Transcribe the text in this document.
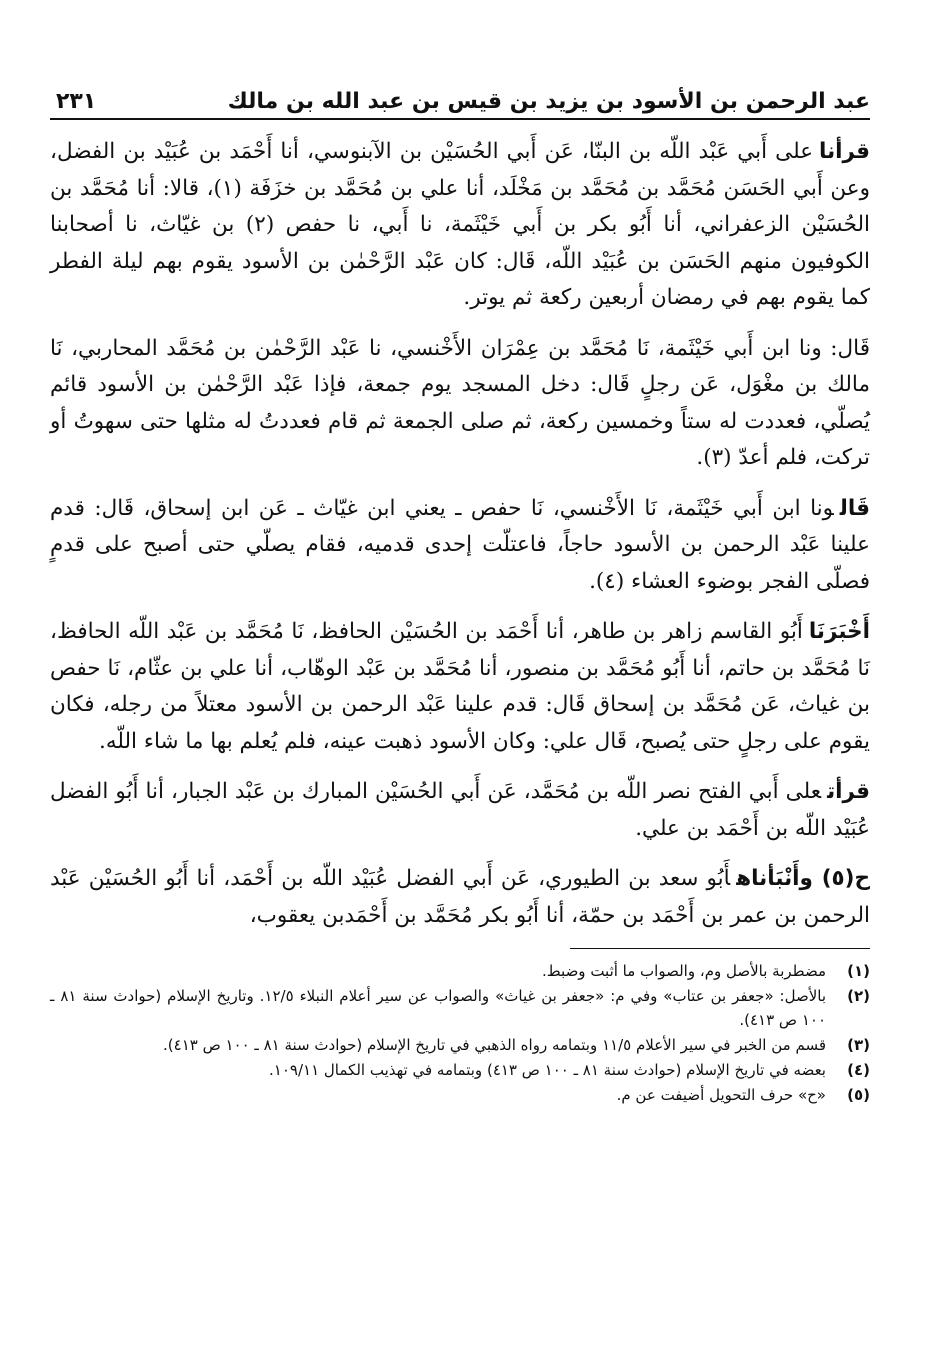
عبد الرحمن بن الأسود بن يزيد بن قيس بن عبد الله بن مالك
٢٣١

قرأناعلى أَبي عَبْد اللّه بن البنّا، عَن أَبي الحُسَيْن بن الآبنوسي، أنا أَحْمَد بن عُبَيْد بن الفضل، وعن أَبي الحَسَن مُحَمَّد بن مُحَمَّد بن مَخْلَد، أنا علي بن مُحَمَّد بن خزَفَة (١)، قالا: أنا مُحَمَّد بن الحُسَيْن الزعفراني، أنا أَبُو بكر بن أَبي خَيْثَمة، نا أَبي، نا حفص (٢) بن غيّاث، نا أصحابنا الكوفيون منهم الحَسَن بن عُبَيْد اللّه، قَال: كان عَبْد الرَّحْمٰن بن الأسود يقوم بهم ليلة الفطر كما يقوم بهم في رمضان أربعين ركعة ثم يوتر.

قَال: ونا ابن أَبي خَيْثَمة، نَا مُحَمَّد بن عِمْرَان الأَخْنسي، نا عَبْد الرَّحْمٰن بن مُحَمَّد المحاربي، نَا مالك بن مغْوَل، عَن رجلٍ قَال: دخل المسجد يوم جمعة، فإذا عَبْد الرَّحْمٰن بن الأسود قائم يُصلّي، فعددت له ستاً وخمسين ركعة، ثم صلى الجمعة ثم قام فعددتُ له مثلها حتى سهوتُ أو تركت، فلم أعدّ (٣).

قَالونا ابن أَبي خَيْثَمة، نَا الأَخْنسي، نَا حفص ـ يعني ابن غيّاث ـ عَن ابن إسحاق، قَال: قدم علينا عَبْد الرحمن بن الأسود حاجاً، فاعتلّت إحدى قدميه، فقام يصلّي حتى أصبح على قدمٍ فصلّى الفجر بوضوء العشاء (٤).

أَخْبَرَنَاأَبُو القاسم زاهر بن طاهر، أنا أَحْمَد بن الحُسَيْن الحافظ، نَا مُحَمَّد بن عَبْد اللّه الحافظ، نَا مُحَمَّد بن حاتم، أنا أَبُو مُحَمَّد بن منصور، أنا مُحَمَّد بن عَبْد الوهّاب، أنا علي بن عثّام، نَا حفص بن غياث، عَن مُحَمَّد بن إسحاق قَال: قدم علينا عَبْد الرحمن بن الأسود معتلاً من رجله، فكان يقوم على رجلٍ حتى يُصبح، قَال علي: وكان الأسود ذهبت عينه، فلم يُعلم بها ما شاء اللّه.

قرأتعلى أَبي الفتح نصر اللّه بن مُحَمَّد، عَن أَبي الحُسَيْن المبارك بن عَبْد الجبار، أنا أَبُو الفضل عُبَيْد اللّه بن أَحْمَد بن علي.

ح(٥) وأَنْبَأناهأَبُو سعد بن الطيوري، عَن أَبي الفضل عُبَيْد اللّه بن أَحْمَد، أنا أَبُو الحُسَيْن عَبْد الرحمن بن عمر بن أَحْمَد بن حمّة، أنا أَبُو بكر مُحَمَّد بن أَحْمَدبن يعقوب،

(١)
مضطربة بالأصل وم، والصواب ما أثبت وضبط.
(٢)
بالأصل: «جعفر بن عتاب» وفي م: «جعفر بن غياث» والصواب عن سير أعلام النبلاء ١٢/٥. وتاريخ الإسلام (حوادث سنة ٨١ ـ ١٠٠ ص ٤١٣).
(٣)
قسم من الخبر في سير الأعلام ١١/٥ وبتمامه رواه الذهبي في تاريخ الإسلام (حوادث سنة ٨١ ـ ١٠٠ ص ٤١٣).
(٤)
بعضه في تاريخ الإسلام (حوادث سنة ٨١ ـ ١٠٠ ص ٤١٣) وبتمامه في تهذيب الكمال ١٠٩/١١.
(٥)
«ح» حرف التحويل أضيفت عن م.
